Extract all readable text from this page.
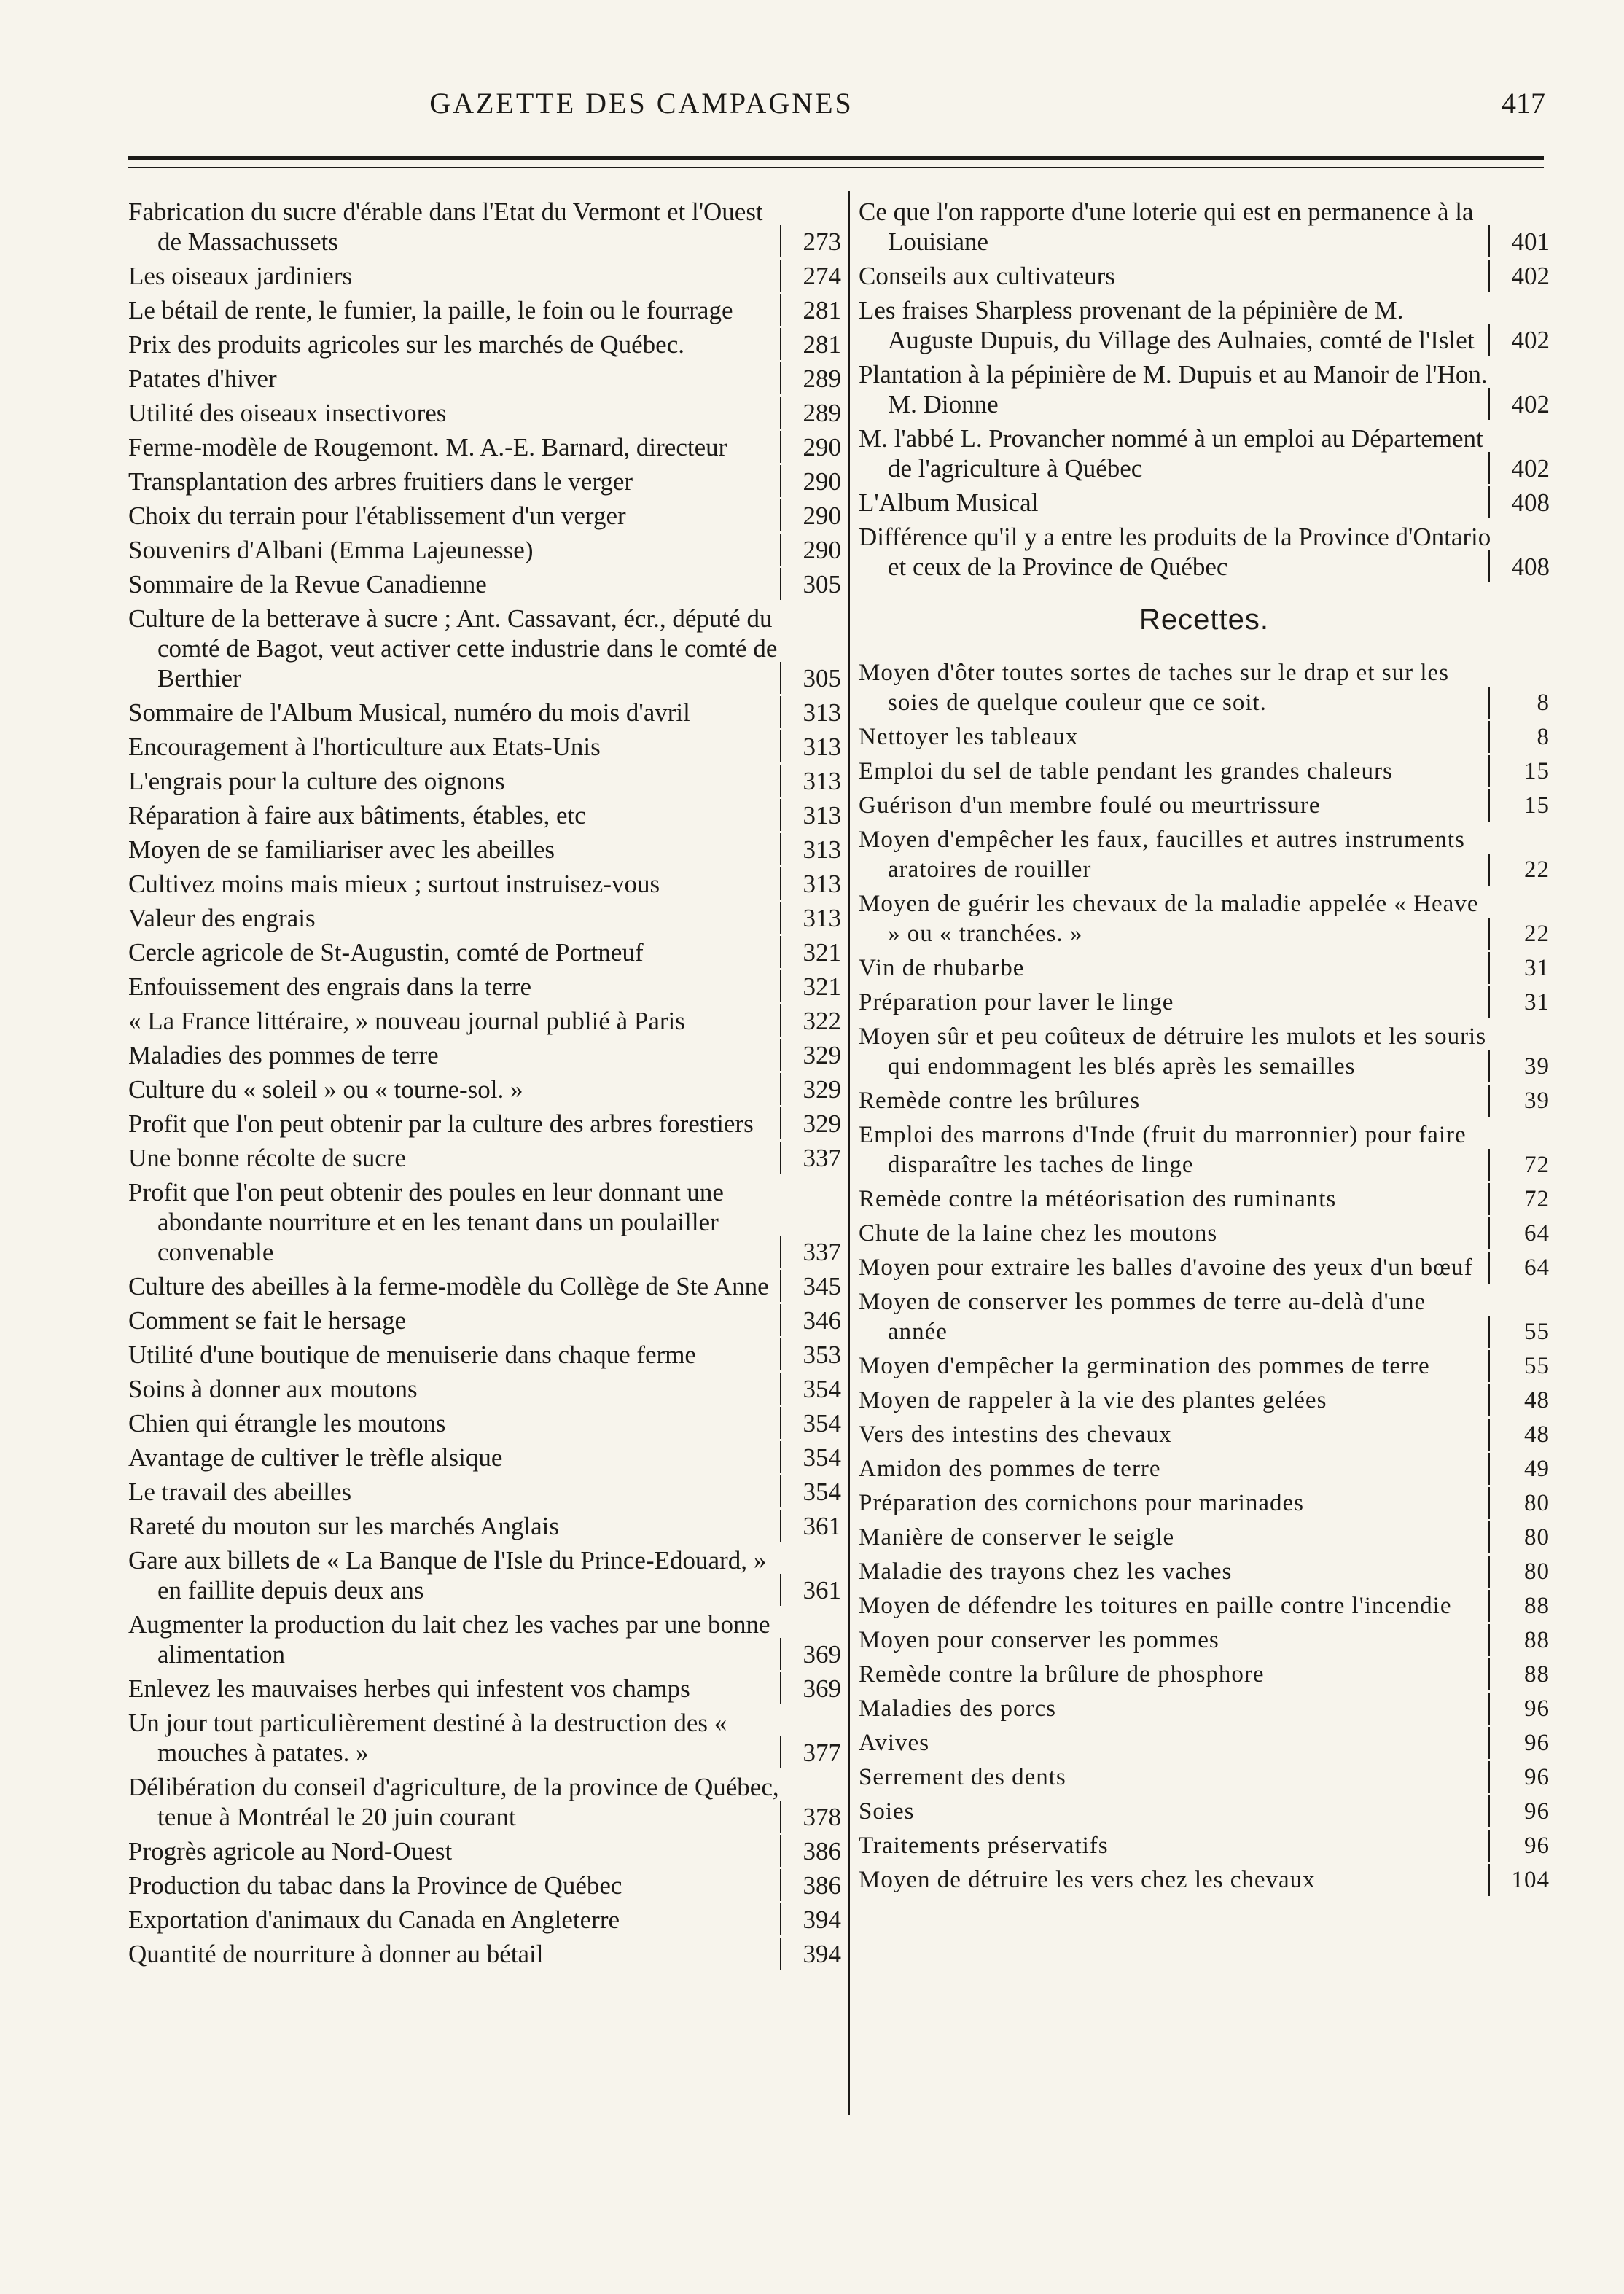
GAZETTE DES CAMPAGNES	417
Fabrication du sucre d'érable dans l'Etat du Vermont et l'Ouest de Massachussets	273
Les oiseaux jardiniers	274
Le bétail de rente, le fumier, la paille, le foin ou le fourrage	281
Prix des produits agricoles sur les marchés de Québec.	281
Patates d'hiver	289
Utilité des oiseaux insectivores	289
Ferme-modèle de Rougemont. M. A.-E. Barnard, directeur	290
Transplantation des arbres fruitiers dans le verger	290
Choix du terrain pour l'établissement d'un verger	290
Souvenirs d'Albani (Emma Lajeunesse)	290
Sommaire de la Revue Canadienne	305
Culture de la betterave à sucre ; Ant. Cassavant, écr., député du comté de Bagot, veut activer cette industrie dans le comté de Berthier	305
Sommaire de l'Album Musical, numéro du mois d'avril	313
Encouragement à l'horticulture aux Etats-Unis	313
L'engrais pour la culture des oignons	313
Réparation à faire aux bâtiments, étables, etc	313
Moyen de se familiariser avec les abeilles	313
Cultivez moins mais mieux ; surtout instruisez-vous	313
Valeur des engrais	313
Cercle agricole de St-Augustin, comté de Portneuf	321
Enfouissement des engrais dans la terre	321
« La France littéraire, » nouveau journal publié à Paris	322
Maladies des pommes de terre	329
Culture du « soleil » ou « tourne-sol. »	329
Profit que l'on peut obtenir par la culture des arbres forestiers	329
Une bonne récolte de sucre	337
Profit que l'on peut obtenir des poules en leur donnant une abondante nourriture et en les tenant dans un poulailler convenable	337
Culture des abeilles à la ferme-modèle du Collège de Ste Anne	345
Comment se fait le hersage	346
Utilité d'une boutique de menuiserie dans chaque ferme	353
Soins à donner aux moutons	354
Chien qui étrangle les moutons	354
Avantage de cultiver le trèfle alsique	354
Le travail des abeilles	354
Rareté du mouton sur les marchés Anglais	361
Gare aux billets de « La Banque de l'Isle du Prince-Edouard, » en faillite depuis deux ans	361
Augmenter la production du lait chez les vaches par une bonne alimentation	369
Enlevez les mauvaises herbes qui infestent vos champs	369
Un jour tout particulièrement destiné à la destruction des « mouches à patates. »	377
Délibération du conseil d'agriculture, de la province de Québec, tenue à Montréal le 20 juin courant	378
Progrès agricole au Nord-Ouest	386
Production du tabac dans la Province de Québec	386
Exportation d'animaux du Canada en Angleterre	394
Quantité de nourriture à donner au bétail	394
Ce que l'on rapporte d'une loterie qui est en permanence à la Louisiane	401
Conseils aux cultivateurs	402
Les fraises Sharpless provenant de la pépinière de M. Auguste Dupuis, du Village des Aulnaies, comté de l'Islet	402
Plantation à la pépinière de M. Dupuis et au Manoir de l'Hon. M. Dionne	402
M. l'abbé L. Provancher nommé à un emploi au Département de l'agriculture à Québec	402
L'Album Musical	408
Différence qu'il y a entre les produits de la Province d'Ontario et ceux de la Province de Québec	408
Recettes.
Moyen d'ôter toutes sortes de taches sur le drap et sur les soies de quelque couleur que ce soit.	8
Nettoyer les tableaux	8
Emploi du sel de table pendant les grandes chaleurs	15
Guérison d'un membre foulé ou meurtrissure	15
Moyen d'empêcher les faux, faucilles et autres instruments aratoires de rouiller	22
Moyen de guérir les chevaux de la maladie appelée « Heave » ou « tranchées. »	22
Vin de rhubarbe	31
Préparation pour laver le linge	31
Moyen sûr et peu coûteux de détruire les mulots et les souris qui endommagent les blés après les semailles	39
Remède contre les brûlures	39
Emploi des marrons d'Inde (fruit du marronnier) pour faire disparaître les taches de linge	72
Remède contre la météorisation des ruminants	72
Chute de la laine chez les moutons	64
Moyen pour extraire les balles d'avoine des yeux d'un bœuf	64
Moyen de conserver les pommes de terre au-delà d'une année	55
Moyen d'empêcher la germination des pommes de terre	55
Moyen de rappeler à la vie des plantes gelées	48
Vers des intestins des chevaux	48
Amidon des pommes de terre	49
Préparation des cornichons pour marinades	80
Manière de conserver le seigle	80
Maladie des trayons chez les vaches	80
Moyen de défendre les toitures en paille contre l'incendie	88
Moyen pour conserver les pommes	88
Remède contre la brûlure de phosphore	88
Maladies des porcs	96
Avives	96
Serrement des dents	96
Soies	96
Traitements préservatifs	96
Moyen de détruire les vers chez les chevaux	104
